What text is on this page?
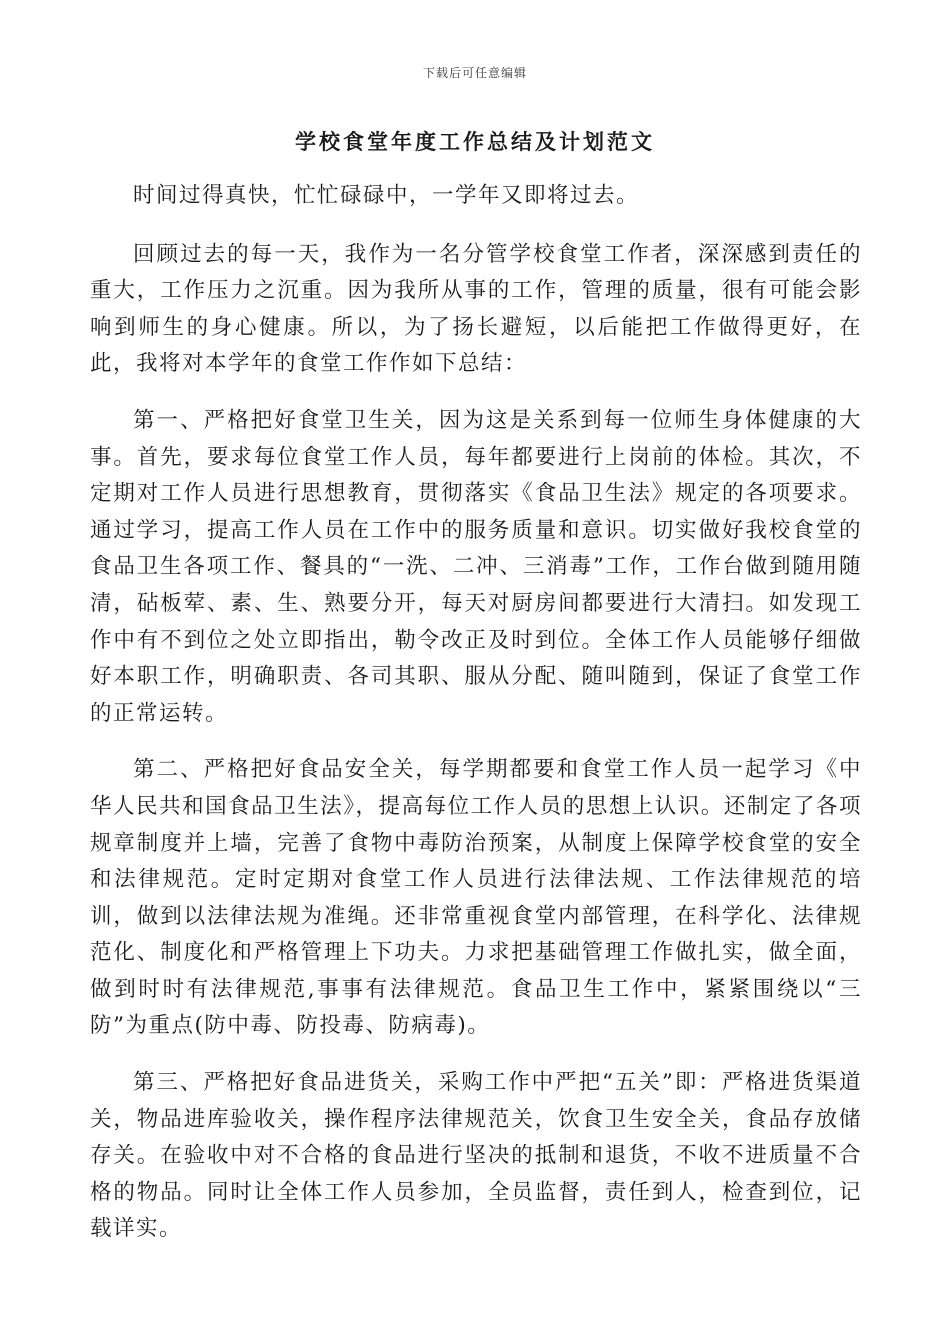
下载后可任意编辑
学校食堂年度工作总结及计划范文

时间过得真快，忙忙碌碌中，一学年又即将过去。

回顾过去的每一天，我作为一名分管学校食堂工作者，深深感到责任的重大，工作压力之沉重。因为我所从事的工作，管理的质量，很有可能会影响到师生的身心健康。所以，为了扬长避短，以后能把工作做得更好，在此，我将对本学年的食堂工作作如下总结：

第一、严格把好食堂卫生关，因为这是关系到每一位师生身体健康的大事。首先，要求每位食堂工作人员，每年都要进行上岗前的体检。其次，不定期对工作人员进行思想教育，贯彻落实《食品卫生法》规定的各项要求。通过学习，提高工作人员在工作中的服务质量和意识。切实做好我校食堂的食品卫生各项工作、餐具的“一洗、二冲、三消毒”工作，工作台做到随用随清，砧板荤、素、生、熟要分开，每天对厨房间都要进行大清扫。如发现工作中有不到位之处立即指出，勒令改正及时到位。全体工作人员能够仔细做好本职工作，明确职责、各司其职、服从分配、随叫随到，保证了食堂工作的正常运转。

第二、严格把好食品安全关，每学期都要和食堂工作人员一起学习《中华人民共和国食品卫生法》，提高每位工作人员的思想上认识。还制定了各项规章制度并上墙，完善了食物中毒防治预案，从制度上保障学校食堂的安全和法律规范。定时定期对食堂工作人员进行法律法规、工作法律规范的培训，做到以法律法规为准绳。还非常重视食堂内部管理，在科学化、法律规范化、制度化和严格管理上下功夫。力求把基础管理工作做扎实，做全面，做到时时有法律规范,事事有法律规范。食品卫生工作中，紧紧围绕以“三防”为重点(防中毒、防投毒、防病毒)。

第三、严格把好食品进货关，采购工作中严把“五关”即：严格进货渠道关，物品进库验收关，操作程序法律规范关，饮食卫生安全关，食品存放储存关。在验收中对不合格的食品进行坚决的抵制和退货，不收不进质量不合格的物品。同时让全体工作人员参加，全员监督，责任到人，检查到位，记载详实。
